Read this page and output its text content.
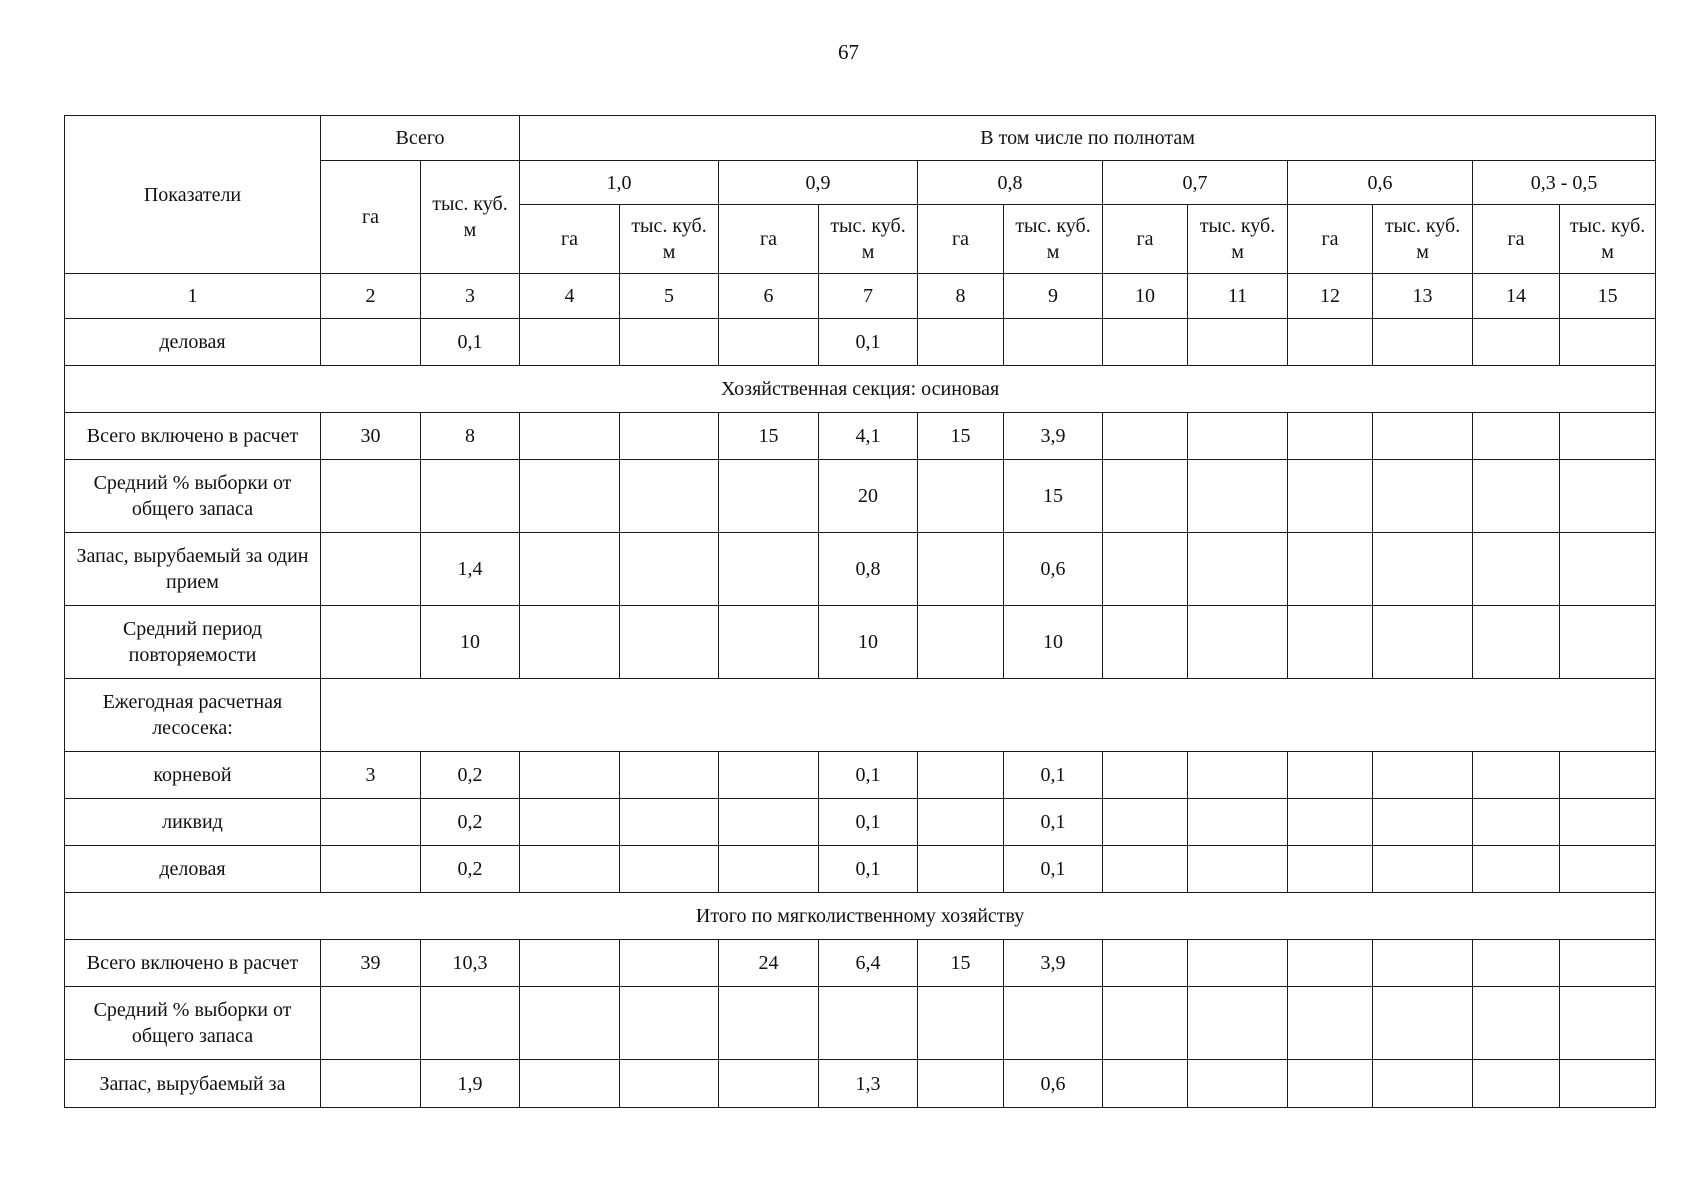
67
Показатели	Всего		В том числе по полнотам											
	га	тыс. куб. м	1,0		0,9		0,8		0,7		0,6		0,3 - 0,5	
			га	тыс. куб. м	га	тыс. куб. м	га	тыс. куб. м	га	тыс. куб. м	га	тыс. куб. м	га	тыс. куб. м
1	2	3	4	5	6	7	8	9	10	11	12	13	14	15
деловая		0,1				0,1								
Хозяйственная секция: осиновая														
Всего включено в расчет	30	8			15	4,1	15	3,9						
Средний % выборки от общего запаса						20		15						
Запас, вырубаемый за один прием		1,4				0,8		0,6						
Средний период повторяемости		10				10		10						
Ежегодная расчетная лесосека:														
корневой	3	0,2				0,1		0,1						
ликвид		0,2				0,1		0,1						
деловая		0,2				0,1		0,1						
Итого по мягколиственному хозяйству														
Всего включено в расчет	39	10,3			24	6,4	15	3,9						
Средний % выборки от общего запаса														
Запас, вырубаемый за		1,9				1,3		0,6						
